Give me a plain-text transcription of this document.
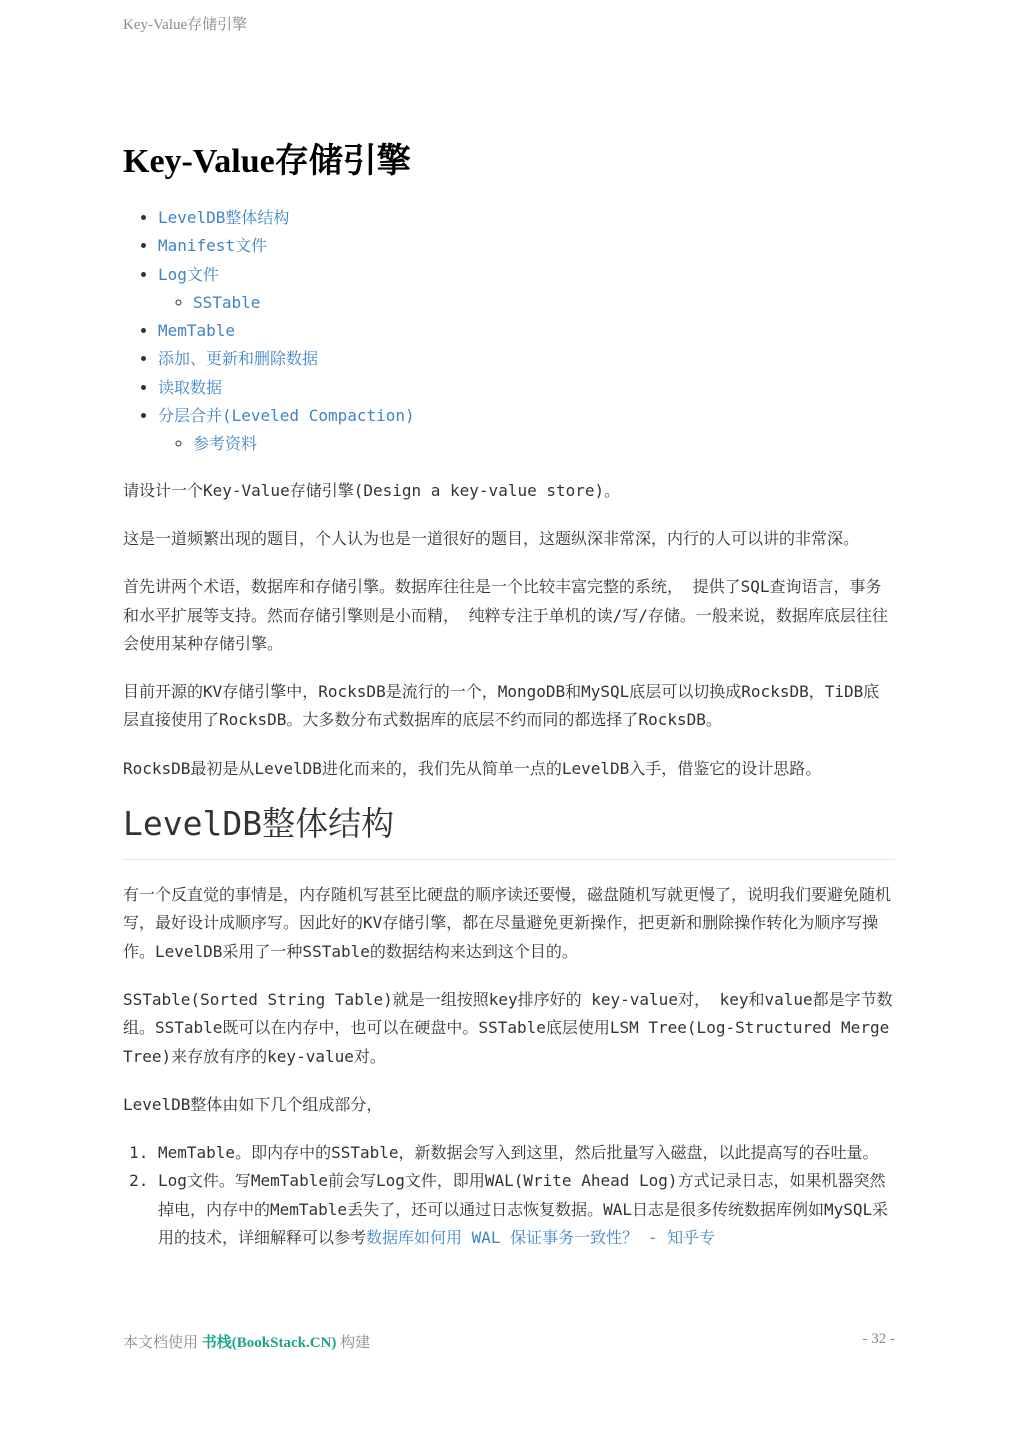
Key-Value存储引擎
Key-Value存储引擎
• LevelDB整体结构
• Manifest文件
• Log文件
◦ SSTable
• MemTable
• 添加、更新和删除数据
• 读取数据
• 分层合并(Leveled Compaction)
◦ 参考资料

请设计一个Key-Value存储引擎(Design a key-value store)。

这是一道频繁出现的题目，个人认为也是一道很好的题目，这题纵深非常深，内行的人可以讲的非常深。

首先讲两个术语，数据库和存储引擎。数据库往往是一个比较丰富完整的系统， 提供了SQL查询语言，事务和水平扩展等支持。然而存储引擎则是小而精， 纯粹专注于单机的读/写/存储。一般来说，数据库底层往往会使用某种存储引擎。

目前开源的KV存储引擎中，RocksDB是流行的一个，MongoDB和MySQL底层可以切换成RocksDB，TiDB底层直接使用了RocksDB。大多数分布式数据库的底层不约而同的都选择了RocksDB。

RocksDB最初是从LevelDB进化而来的，我们先从简单一点的LevelDB入手，借鉴它的设计思路。

LevelDB整体结构

有一个反直觉的事情是，内存随机写甚至比硬盘的顺序读还要慢，磁盘随机写就更慢了，说明我们要避免随机写，最好设计成顺序写。因此好的KV存储引擎，都在尽量避免更新操作，把更新和删除操作转化为顺序写操作。LevelDB采用了一种SSTable的数据结构来达到这个目的。

SSTable(Sorted String Table)就是一组按照key排序好的 key-value对， key和value都是字节数组。SSTable既可以在内存中，也可以在硬盘中。SSTable底层使用LSM Tree(Log-Structured Merge Tree)来存放有序的key-value对。

LevelDB整体由如下几个组成部分，

1. MemTable。即内存中的SSTable，新数据会写入到这里，然后批量写入磁盘，以此提高写的吞吐量。
2. Log文件。写MemTable前会写Log文件，即用WAL(Write Ahead Log)方式记录日志，如果机器突然掉电，内存中的MemTable丢失了，还可以通过日志恢复数据。WAL日志是很多传统数据库例如MySQL采用的技术，详细解释可以参考数据库如何用 WAL 保证事务一致性？ - 知乎专
本文档使用 书栈(BookStack.CN) 构建	- 32 -
